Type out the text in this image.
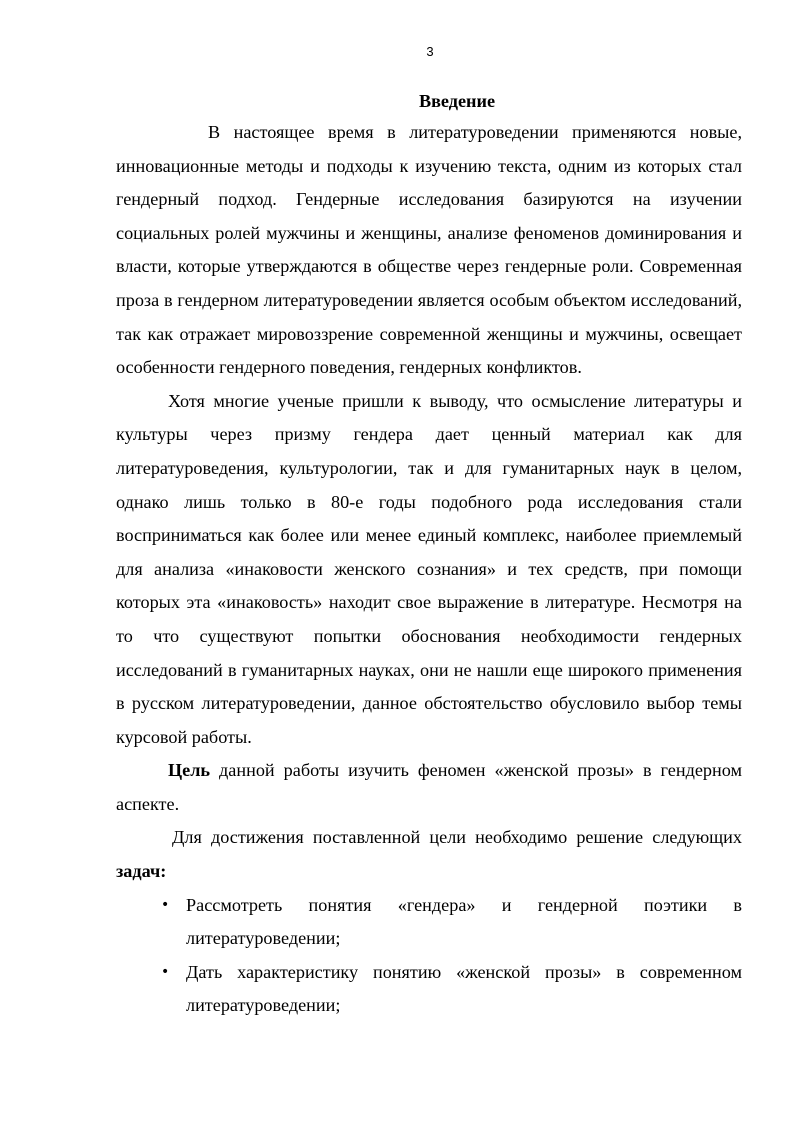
3
Введение

В настоящее время в литературоведении применяются новые, инновационные методы и подходы к изучению текста, одним из которых стал гендерный подход. Гендерные исследования базируются на изучении социальных ролей мужчины и женщины, анализе феноменов доминирования и власти, которые утверждаются в обществе через гендерные роли. Современная проза в гендерном литературоведении является особым объектом исследований, так как отражает мировоззрение современной женщины и мужчины, освещает особенности гендерного поведения, гендерных конфликтов.

Хотя многие ученые пришли к выводу, что осмысление литературы и культуры через призму гендера дает ценный материал как для литературоведения, культурологии, так и для гуманитарных наук в целом, однако лишь только в 80-е годы подобного рода исследования стали восприниматься как более или менее единый комплекс, наиболее приемлемый для анализа «инаковости женского сознания» и тех средств, при помощи которых эта «инаковость» находит свое выражение в литературе. Несмотря на то что существуют попытки обоснования необходимости гендерных исследований в гуманитарных науках, они не нашли еще широкого применения в русском литературоведении, данное обстоятельство обусловило выбор темы курсовой работы.

Цель данной работы изучить феномен «женской прозы» в гендерном аспекте.

Для достижения поставленной цели необходимо решение следующих задач:

• Рассмотреть понятия «гендера» и гендерной поэтики в литературоведении;
• Дать характеристику понятию «женской прозы» в современном литературоведении;
